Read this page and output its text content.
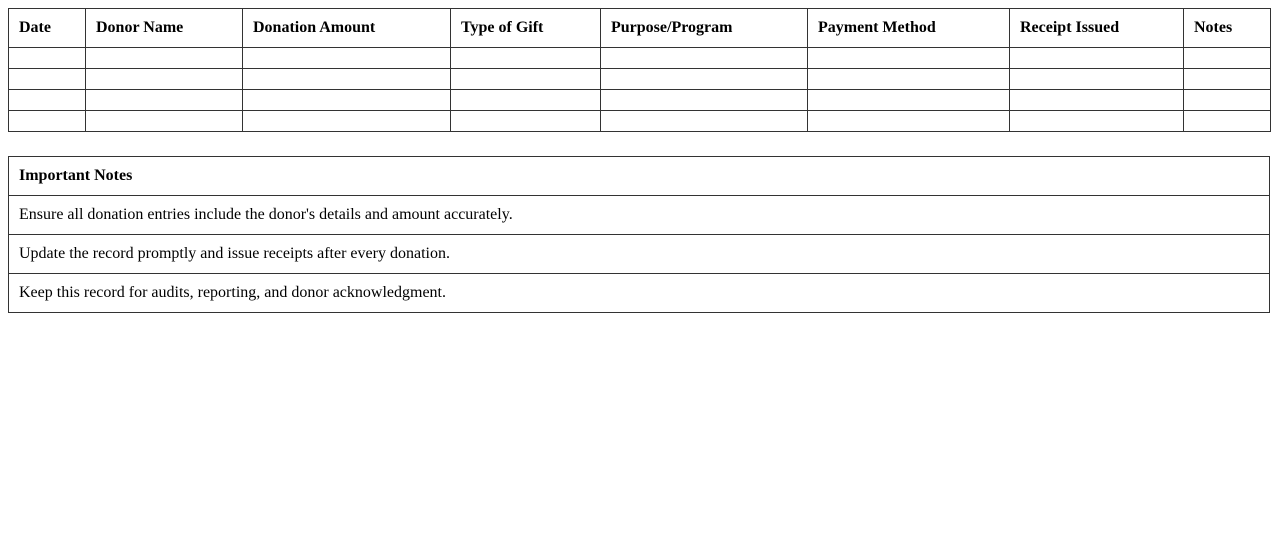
Date	Donor Name	Donation Amount	Type of Gift	Purpose/Program	Payment Method	Receipt Issued	Notes

Important Notes
Ensure all donation entries include the donor's details and amount accurately.
Update the record promptly and issue receipts after every donation.
Keep this record for audits, reporting, and donor acknowledgment.
